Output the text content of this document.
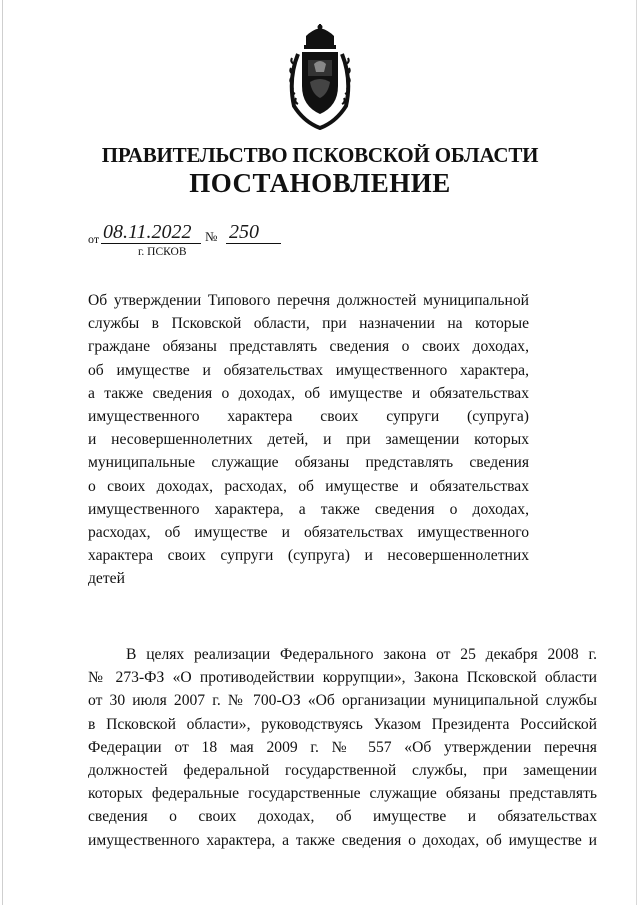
ПРАВИТЕЛЬСТВО ПСКОВСКОЙ ОБЛАСТИ
ПОСТАНОВЛЕНИЕ
от 08.11.2022	№ 250
г. ПСКОВ
Об утверждении Типового перечня должностей муниципальной
службы в Псковской области, при назначении на которые
граждане обязаны представлять сведения о своих доходах,
об имуществе и обязательствах имущественного характера,
а также сведения о доходах, об имуществе и обязательствах
имущественного характера своих супруги (супруга)
и несовершеннолетних детей, и при замещении которых
муниципальные служащие обязаны представлять сведения
о своих доходах, расходах, об имуществе и обязательствах
имущественного характера, а также сведения о доходах,
расходах, об имуществе и обязательствах имущественного
характера своих супруги (супруга) и несовершеннолетних
детей
В целях реализации Федерального закона от 25 декабря 2008 г.
№ 273-ФЗ «О противодействии коррупции», Закона Псковской области
от 30 июля 2007 г. № 700-ОЗ «Об организации муниципальной службы
в Псковской области», руководствуясь Указом Президента Российской
Федерации от 18 мая 2009 г. № 557 «Об утверждении перечня
должностей федеральной государственной службы, при замещении
которых федеральные государственные служащие обязаны представлять
сведения о своих доходах, об имуществе и обязательствах
имущественного характера, а также сведения о доходах, об имуществе и
